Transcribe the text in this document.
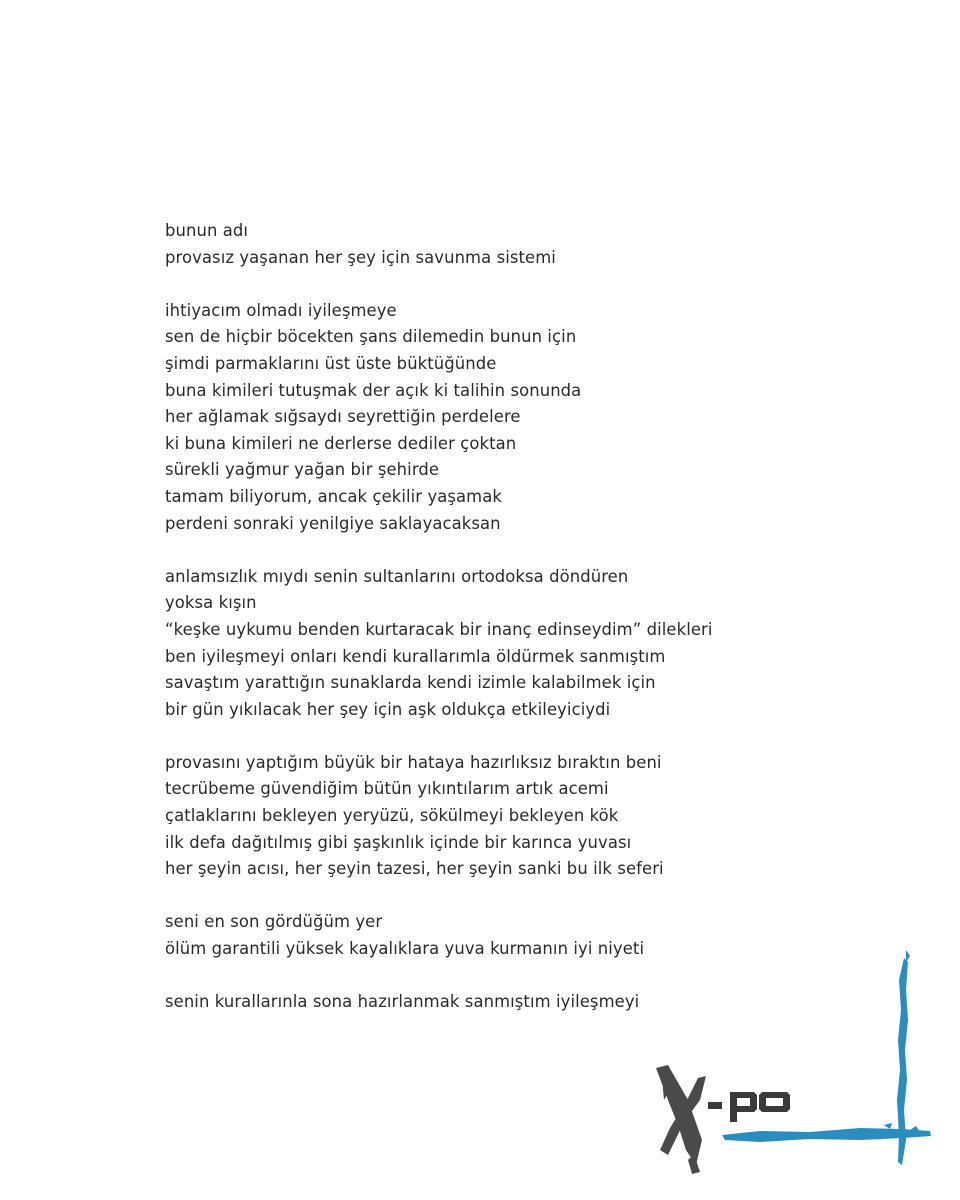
bunun adı
provasız yaşanan her şey için savunma sistemi
ihtiyacım olmadı iyileşmeye
sen de hiçbir böcekten şans dilemedin bunun için
şimdi parmaklarını üst üste büktüğünde
buna kimileri tutuşmak der açık ki talihin sonunda
her ağlamak sığsaydı seyrettiğin perdelere
ki buna kimileri ne derlerse dediler çoktan
sürekli yağmur yağan bir şehirde
tamam biliyorum, ancak çekilir yaşamak
perdeni sonraki yenilgiye saklayacaksan
anlamsızlık mıydı senin sultanlarını ortodoksa döndüren
yoksa kışın
“keşke uykumu benden kurtaracak bir inanç edinseydim” dilekleri
ben iyileşmeyi onları kendi kurallarımla öldürmek sanmıştım
savaştım yarattığın sunaklarda kendi izimle kalabilmek için
bir gün yıkılacak her şey için aşk oldukça etkileyiciydi
provasını yaptığım büyük bir hataya hazırlıksız bıraktın beni
tecrübeme güvendiğim bütün yıkıntılarım artık acemi
çatlaklarını bekleyen yeryüzü, sökülmeyi bekleyen kök
ilk defa dağıtılmış gibi şaşkınlık içinde bir karınca yuvası
her şeyin acısı, her şeyin tazesi, her şeyin sanki bu ilk seferi
seni en son gördüğüm yer
ölüm garantili yüksek kayalıklara yuva kurmanın iyi niyeti
senin kurallarınla sona hazırlanmak sanmıştım iyileşmeyi
